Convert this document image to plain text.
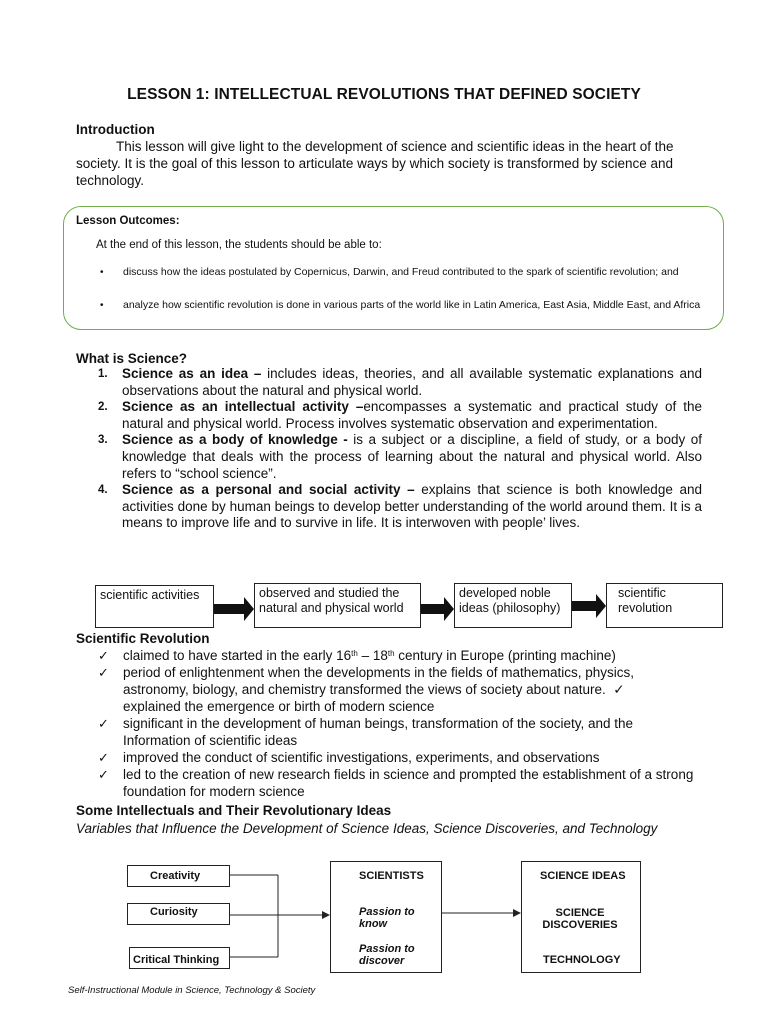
LESSON 1: INTELLECTUAL REVOLUTIONS THAT DEFINED SOCIETY
Introduction
This lesson will give light to the development of science and scientific ideas in the heart of the society. It is the goal of this lesson to articulate ways by which society is transformed by science and technology.
Lesson Outcomes:
At the end of this lesson, the students should be able to:
• discuss how the ideas postulated by Copernicus, Darwin, and Freud contributed to the spark of scientific revolution; and
• analyze how scientific revolution is done in various parts of the world like in Latin America, East Asia, Middle East, and Africa
What is Science?
1. Science as an idea – includes ideas, theories, and all available systematic explanations and observations about the natural and physical world.
2. Science as an intellectual activity –encompasses a systematic and practical study of the natural and physical world. Process involves systematic observation and experimentation.
3. Science as a body of knowledge - is a subject or a discipline, a field of study, or a body of knowledge that deals with the process of learning about the natural and physical world. Also refers to “school science”.
4. Science as a personal and social activity – explains that science is both knowledge and activities done by human beings to develop better understanding of the world around them. It is a means to improve life and to survive in life. It is interwoven with people’ lives.
scientific activities	observed and studied the natural and physical world
developed noble ideas (philosophy)
scientific revolution
Scientific Revolution
✓ claimed to have started in the early 16th – 18th century in Europe (printing machine)
✓ period of enlightenment when the developments in the fields of mathematics, physics, astronomy, biology, and chemistry transformed the views of society about nature. ✓
explained the emergence or birth of modern science
✓ significant in the development of human beings, transformation of the society, and the Information of scientific ideas
✓ improved the conduct of scientific investigations, experiments, and observations
✓ led to the creation of new research fields in science and prompted the establishment of a strong foundation for modern science
Some Intellectuals and Their Revolutionary Ideas
Variables that Influence the Development of Science Ideas, Science Discoveries, and Technology
Creativity
Curiosity
Critical Thinking
SCIENTISTS
Passion to know
Passion to discover
SCIENCE IDEAS
SCIENCE DISCOVERIES
TECHNOLOGY
Self-Instructional Module in Science, Technology & Society
